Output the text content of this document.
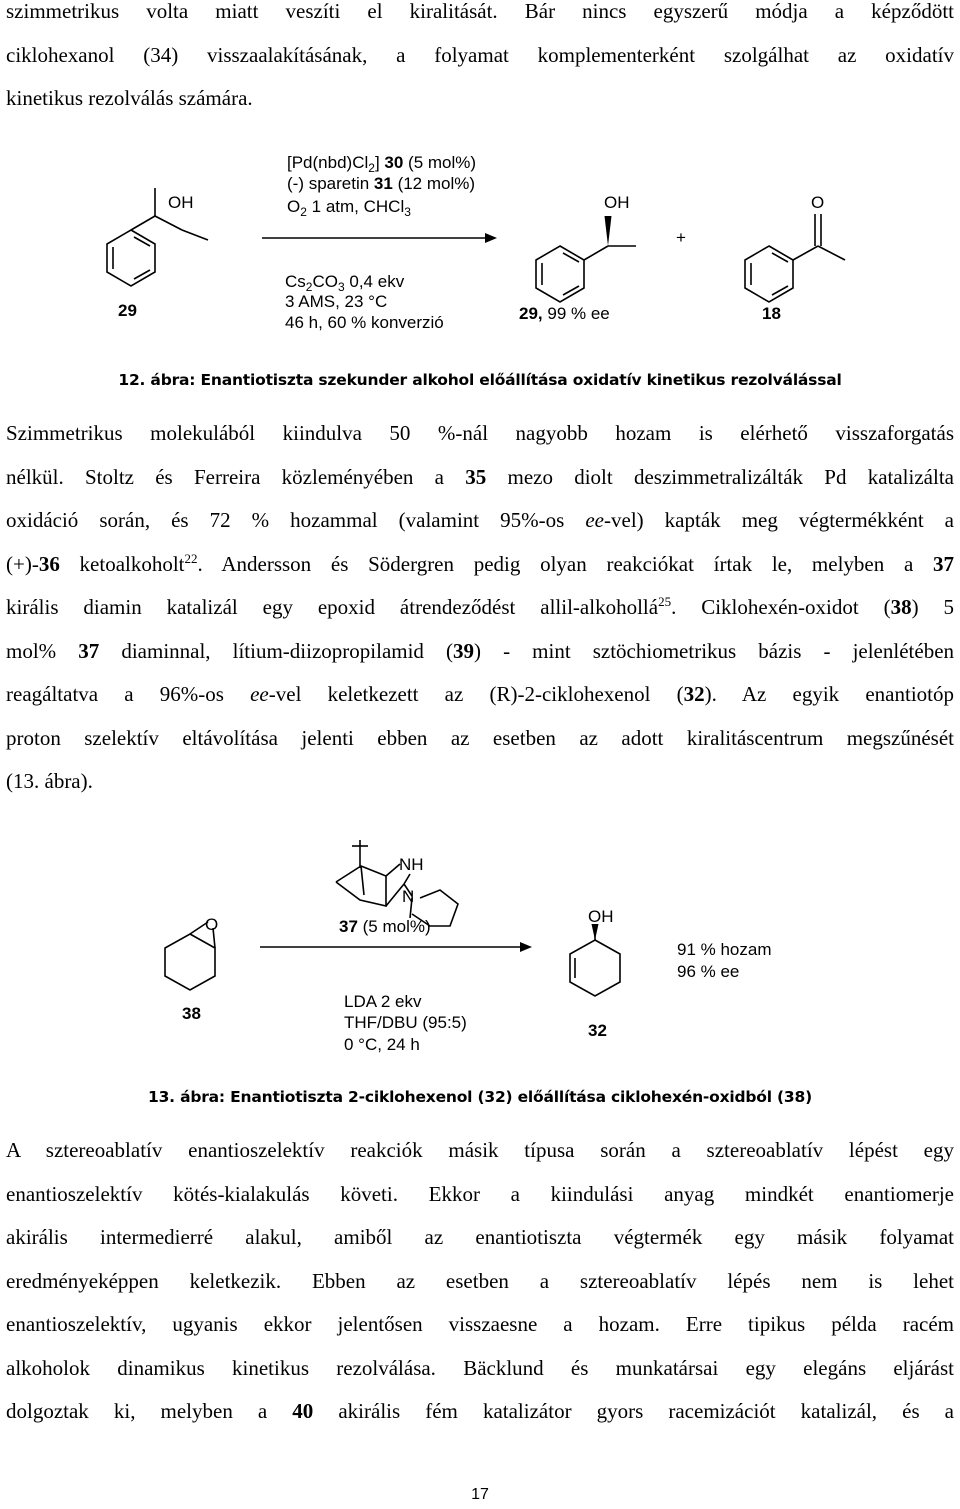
szimmetrikus volta miatt veszíti el kiralitását. Bár nincs egyszerű módja a képződött
ciklohexanol (34) visszaalakításának, a folyamat komplementerként szolgálhat az oxidatív
kinetikus rezolválás számára.
OH	OH	O
+
$[Pd(nbd)Cl_2]$ 30 (5 mol%)
(-) sparetin 31 (12 mol%)
$O_2$ 1 atm, CHCl$_3$
$Cs_2CO_3$ 0,4 ekv
3 AMS, 23 °C
46 h, 60 % konverzió
29	29, 99 % ee	18
12. ábra: Enantiotiszta szekunder alkohol előállítása oxidatív kinetikus rezolválással
Szimmetrikus molekulából kiindulva 50 %-nál nagyobb hozam is elérhető visszaforgatás
nélkül. Stoltz és Ferreira közleményében a 35 mezo diolt deszimmetralizálták Pd katalizálta
oxidáció során, és 72 % hozammal (valamint 95%-os ee-vel) kapták meg végtermékként a
(+)-36 ketoalkoholt$^{22}$. Andersson és Södergren pedig olyan reakciókat írtak le, melyben a 37
királis diamin katalizál egy epoxid átrendeződést allil-alkohollá$^{25}$. Ciklohexén-oxidot (38) 5
mol% 37 diaminnal, lítium-diizopropilamid (39) - mint sztöchiometrikus bázis - jelenlétében
reagáltatva a 96%-os ee-vel keletkezett az (R)-2-ciklohexenol (32). Az egyik enantiotóp
proton szelektív eltávolítása jelenti ebben az esetben az adott kiralitáscentrum megszűnését
(13. ábra).
NH
N
O	OH
37 (5 mol%)
LDA 2 ekv
THF/DBU (95:5)
0 °C, 24 h
91 % hozam
96 % ee
38
32
13. ábra: Enantiotiszta 2-ciklohexenol (32) előállítása ciklohexén-oxidból (38)
A sztereoablatív enantioszelektív reakciók másik típusa során a sztereoablatív lépést egy
enantioszelektív kötés-kialakulás követi. Ekkor a kiindulási anyag mindkét enantiomerje
akirális intermedierré alakul, amiből az enantiotiszta végtermék egy másik folyamat
eredményeképpen keletkezik. Ebben az esetben a sztereoablatív lépés nem is lehet
enantioszelektív, ugyanis ekkor jelentősen visszaesne a hozam. Erre tipikus példa racém
alkoholok dinamikus kinetikus rezolválása. Bäcklund és munkatársai egy elegáns eljárást
dolgoztak ki, melyben a 40 akirális fém katalizátor gyors racemizációt katalizál, és a
17
